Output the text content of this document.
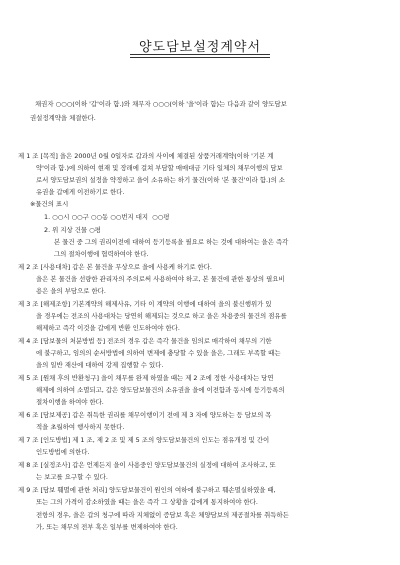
양도담보설정계약서
채권자 ○○○(이하 '갑'이라 함.)와 채무자 ○○○(이하 '을'이라 함)는 다음과 같이 양도담보
권설정계약을 체결한다.
제 1 조 [목적] 을은 2000년 0월 0일자로 갑과의 사이에 체결된 상품거래계약(이하 '기본 계
약'이라 함.)에 의하여 현재 및 장래에 걸쳐 부담할 매매대금 기타 일체의 채무이행의 담보
로서 양도담보권의 설정을 약정하고 을이 소유하는 하기 물건(이하 '본 물건'이라 함.)의 소
유권을 갑에게 이전하기로 한다.
※물건의 표시
1. ○○시 ○○구 ○○동 ○○번지 대지  ○○평
2. 위 지상 건물 ○평
본 물건 중 그의 권리이전에 대하여 등기등록을 필요로 하는 것에 대하여는 을은 즉각
그의 절차이행에 협력하여야 한다.
제 2 조 [사용대차] 갑은 본 물건을 무상으로 을에 사용케 하기로 한다.
을은 본 물건을 선량한 관리자의 주의로써 사용하여야 하고, 본 물건에 관한 통상의 필요비
용은 을의 부담으로 한다.
제 3 조 [해제조항] 기본계약의 해제사유, 기타 이 계약의 이행에 대하여 을의 불신행위가 있
을 경우에는 전조의 사용대차는 당연히 해제되는 것으로 하고 을은 차용중의 물건의 점유를
해제하고 즉각 이것을 갑에게 반환 인도하여야 한다.
제 4 조 [담보물의 처분방법 등] 전조의 경우 갑은 즉각 물건을 임의로 매각하여 채무의 기한
에 불구하고, 임의의 순서방법에 의하여 변제에 충당할 수 있을 을은, 그래도 부족할 때는
을의 일반 재산에 대하여 강제 집행할 수 있다.
제 5 조 [원채 후의 반환청구] 을이 채무를 완제 하였을 때는 제 2 조에 정한 사용대차는 당연
해제에 의하여 소멸되고, 갑은 양도담보물건의 소유권을 을에 이전함과 동시에 등기등록의
절차이행을 하여야 한다.
제 6 조 [담보제공] 갑은 취득한 권리를 채무이행이기 전에 제 3 자에 양도하는 등 담보의 목
적을 초월하여 행사하지 못한다.
제 7 조 [인도방법] 제 1 조, 제 2 조 및 제 5 조의 양도담보물건의 인도는 점유개정 및 간이
인도방법에 의한다.
제 8 조 [실정조사] 갑은 언제든지 을이 사용중인 양도담보물건의 실정에 대하여 조사하고, 또
는 보고를 요구할 수 있다.
제 9 조 [담보 훼멸에 관한 처리] 양도담보물건이 원인의 여하에 불구하고 훼손멸실하였을 때,
또는 그의 가격이 감소하였을 때는 을은 즉각 그 상황을 갑에게 통지하여야 한다.
전항의 경우, 을은 갑의 청구에 따라 지체없이 증담보 혹은 체양담보의 제공절차를 취득하든
가, 또는 채무의 전부 혹은 일부를 변제하여야 한다.
